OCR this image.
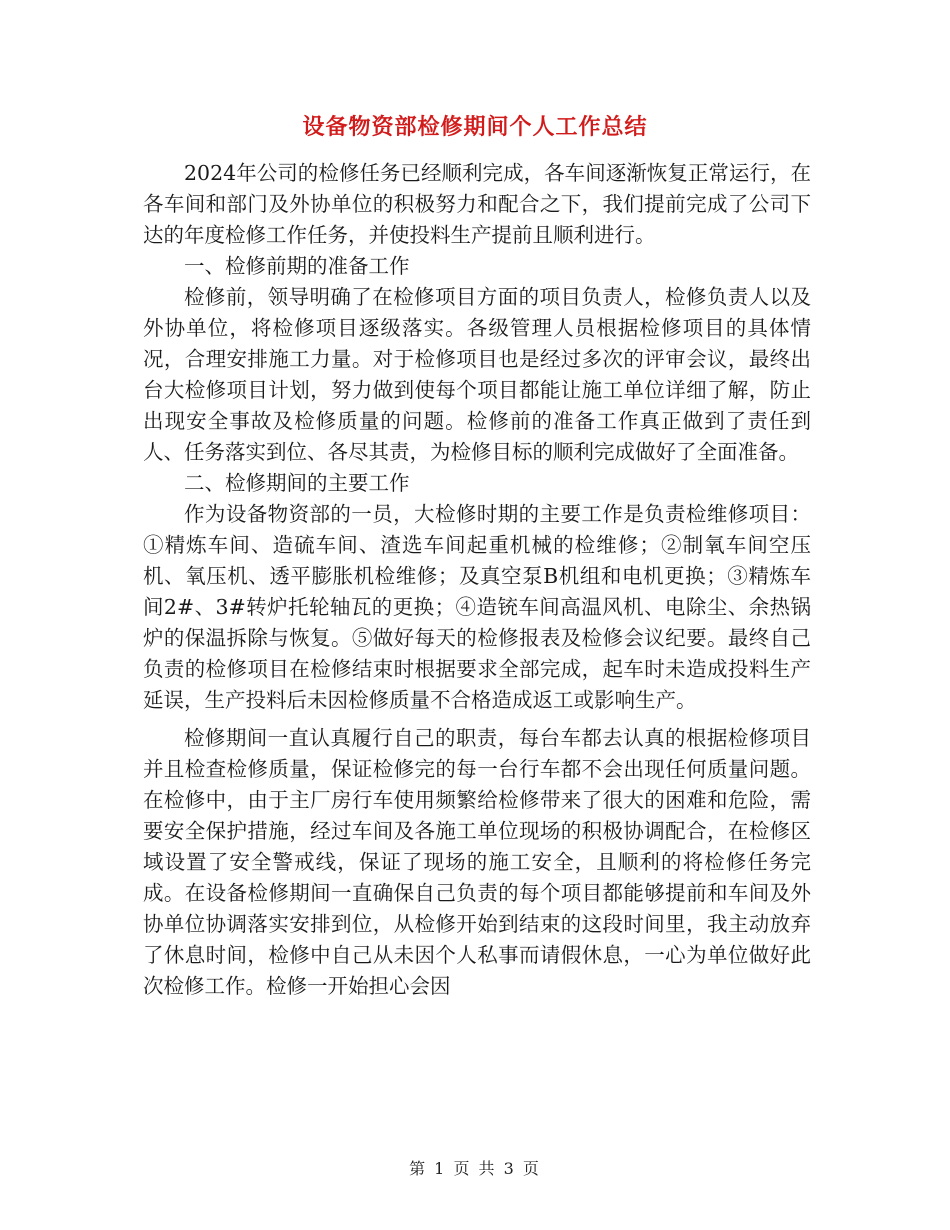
设备物资部检修期间个人工作总结

2024年公司的检修任务已经顺利完成，各车间逐渐恢复正常运行，在各车间和部门及外协单位的积极努力和配合之下，我们提前完成了公司下达的年度检修工作任务，并使投料生产提前且顺利进行。

一、检修前期的准备工作

检修前，领导明确了在检修项目方面的项目负责人，检修负责人以及外协单位，将检修项目逐级落实。各级管理人员根据检修项目的具体情况，合理安排施工力量。对于检修项目也是经过多次的评审会议，最终出台大检修项目计划，努力做到使每个项目都能让施工单位详细了解，防止出现安全事故及检修质量的问题。检修前的准备工作真正做到了责任到人、任务落实到位、各尽其责，为检修目标的顺利完成做好了全面准备。

二、检修期间的主要工作

作为设备物资部的一员，大检修时期的主要工作是负责检维修项目：①精炼车间、造硫车间、渣选车间起重机械的检维修；②制氧车间空压机、氧压机、透平膨胀机检维修；及真空泵B机组和电机更换；③精炼车间2#、3#转炉托轮轴瓦的更换；④造铳车间高温风机、电除尘、余热锅炉的保温拆除与恢复。⑤做好每天的检修报表及检修会议纪要。最终自己负责的检修项目在检修结束时根据要求全部完成，起车时未造成投料生产延误，生产投料后未因检修质量不合格造成返工或影响生产。

检修期间一直认真履行自己的职责，每台车都去认真的根据检修项目并且检查检修质量，保证检修完的每一台行车都不会出现任何质量问题。在检修中，由于主厂房行车使用频繁给检修带来了很大的困难和危险，需要安全保护措施，经过车间及各施工单位现场的积极协调配合，在检修区域设置了安全警戒线，保证了现场的施工安全，且顺利的将检修任务完成。在设备检修期间一直确保自己负责的每个项目都能够提前和车间及外协单位协调落实安排到位，从检修开始到结束的这段时间里，我主动放弃了休息时间，检修中自己从未因个人私事而请假休息，一心为单位做好此次检修工作。检修一开始担心会因

第 1 页 共 3 页
